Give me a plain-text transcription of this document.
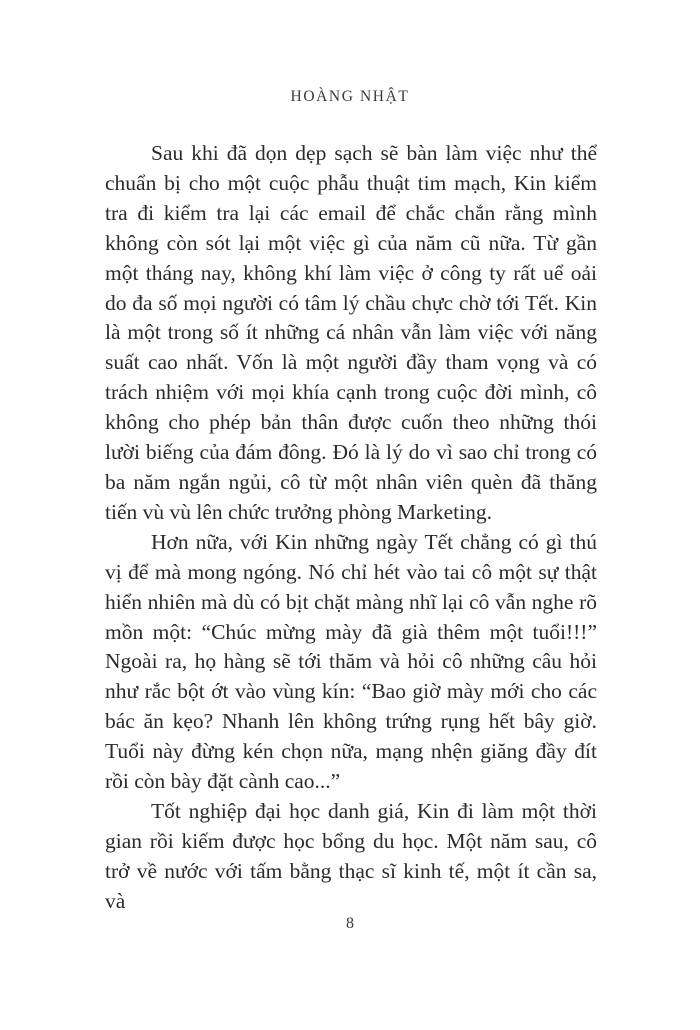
HOÀNG NHẬT

Sau khi đã dọn dẹp sạch sẽ bàn làm việc như thể chuẩn bị cho một cuộc phẫu thuật tim mạch, Kin kiểm tra đi kiểm tra lại các email để chắc chắn rằng mình không còn sót lại một việc gì của năm cũ nữa. Từ gần một tháng nay, không khí làm việc ở công ty rất uể oải do đa số mọi người có tâm lý chầu chực chờ tới Tết. Kin là một trong số ít những cá nhân vẫn làm việc với năng suất cao nhất. Vốn là một người đầy tham vọng và có trách nhiệm với mọi khía cạnh trong cuộc đời mình, cô không cho phép bản thân được cuốn theo những thói lười biếng của đám đông. Đó là lý do vì sao chỉ trong có ba năm ngắn ngủi, cô từ một nhân viên quèn đã thăng tiến vù vù lên chức trưởng phòng Marketing.

Hơn nữa, với Kin những ngày Tết chẳng có gì thú vị để mà mong ngóng. Nó chỉ hét vào tai cô một sự thật hiển nhiên mà dù có bịt chặt màng nhĩ lại cô vẫn nghe rõ mồn một: “Chúc mừng mày đã già thêm một tuổi!!!” Ngoài ra, họ hàng sẽ tới thăm và hỏi cô những câu hỏi như rắc bột ớt vào vùng kín: “Bao giờ mày mới cho các bác ăn kẹo? Nhanh lên không trứng rụng hết bây giờ. Tuổi này đừng kén chọn nữa, mạng nhện giăng đầy đít rồi còn bày đặt cành cao...”

Tốt nghiệp đại học danh giá, Kin đi làm một thời gian rồi kiếm được học bổng du học. Một năm sau, cô trở về nước với tấm bằng thạc sĩ kinh tế, một ít cần sa, và

8
